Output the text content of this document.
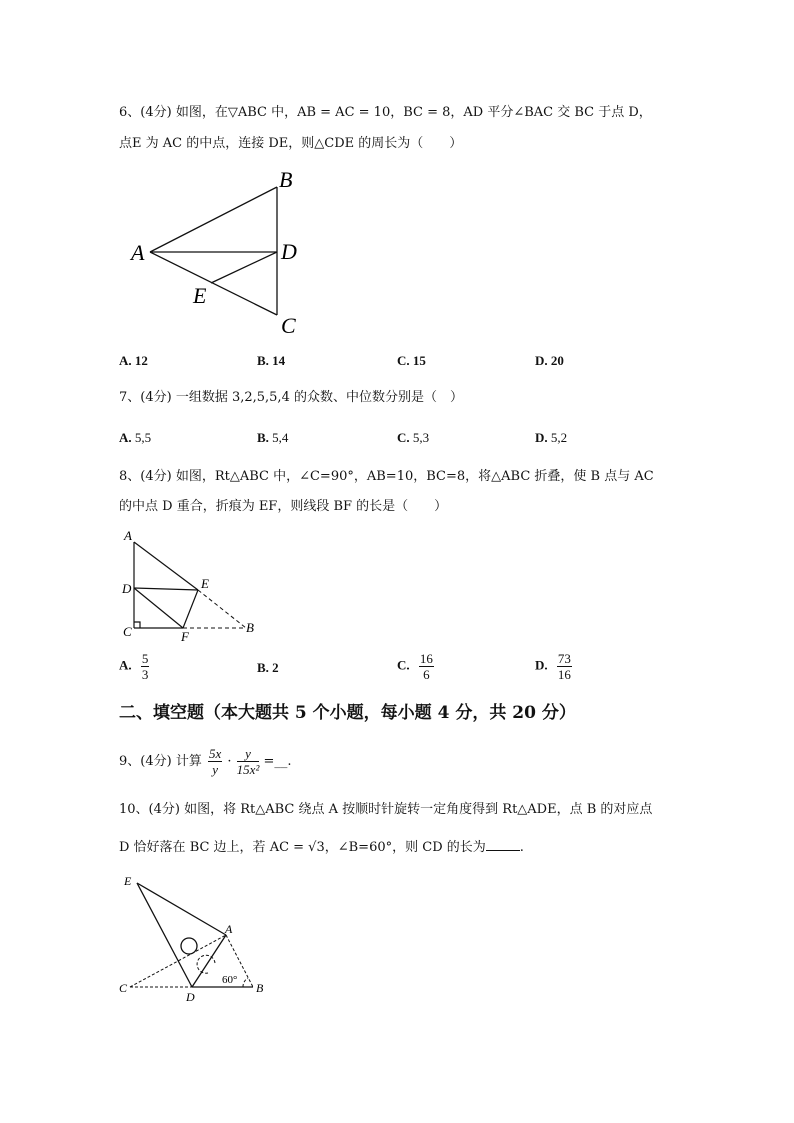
6、(4分) 如图，在▽ABC 中，AB = AC = 10，BC = 8，AD 平分∠BAC 交 BC 于点 D，
点E 为 AC 的中点，连接 DE，则△CDE 的周长为（　　）
A
B
D
E
C
A. 12	B. 14	C. 15	D. 20
7、(4分) 一组数据 3,2,5,5,4 的众数、中位数分别是（　）
A. 5,5	B. 5,4	C. 5,3	D. 5,2
8、(4分) 如图，Rt△ABC 中，∠C=90°，AB=10，BC=8，将△ABC 折叠，使 B 点与 AC
的中点 D 重合，折痕为 EF，则线段 BF 的长是（　　）
A
D	E
C	F
B
A. $\frac{5}{3}$	B. 2	C. $\frac{16}{6}$	D. $\frac{73}{16}$
二、填空题（本大题共 5 个小题，每小题 4 分，共 20 分）
9、(4分) 计算 $\frac{5x}{y} \cdot \frac{y}{\text{15x²}}$ =__.
10、(4分) 如图，将 Rt△ABC 绕点 A 按顺时针旋转一定角度得到 Rt△ADE，点 B 的对应点
D 恰好落在 BC 边上，若 AC = √3，∠B=60°，则 CD 的长为	.
E
A
C
D
B
60°
